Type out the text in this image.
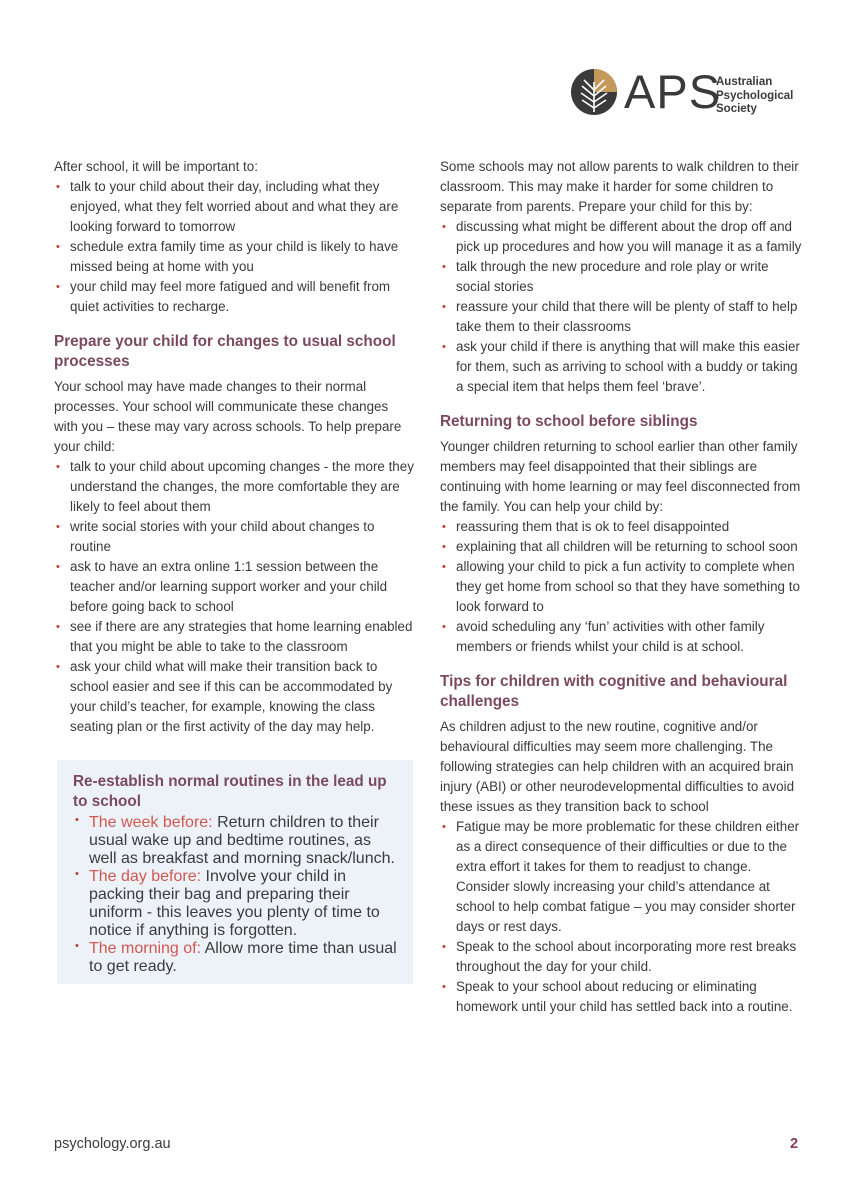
APS
Australian
Psychological
Society

After school, it will be important to:

• talk to your child about their day, including what they enjoyed, what they felt worried about and what they are looking forward to tomorrow
• schedule extra family time as your child is likely to have missed being at home with you
• your child may feel more fatigued and will benefit from quiet activities to recharge.
Prepare your child for changes to usual school processes

Your school may have made changes to their normal processes. Your school will communicate these changes with you – these may vary across schools. To help prepare your child:

• talk to your child about upcoming changes - the more they understand the changes, the more comfortable they are likely to feel about them
• write social stories with your child about changes to routine
• ask to have an extra online 1:1 session between the teacher and/or learning support worker and your child before going back to school
• see if there are any strategies that home learning enabled that you might be able to take to the classroom
• ask your child what will make their transition back to school easier and see if this can be accommodated by your child’s teacher, for example, knowing the class seating plan or the first activity of the day may help.
Re-establish normal routines in the lead up to school
• The week before: Return children to their usual wake up and bedtime routines, as well as breakfast and morning snack/lunch.
• The day before: Involve your child in packing their bag and preparing their uniform - this leaves you plenty of time to notice if anything is forgotten.
• The morning of: Allow more time than usual to get ready.

Some schools may not allow parents to walk children to their classroom. This may make it harder for some children to separate from parents. Prepare your child for this by:

• discussing what might be different about the drop off and pick up procedures and how you will manage it as a family
• talk through the new procedure and role play or write social stories
• reassure your child that there will be plenty of staff to help take them to their classrooms
• ask your child if there is anything that will make this easier for them, such as arriving to school with a buddy or taking a special item that helps them feel ‘brave’.
Returning to school before siblings

Younger children returning to school earlier than other family members may feel disappointed that their siblings are continuing with home learning or may feel disconnected from the family. You can help your child by:

• reassuring them that is ok to feel disappointed
• explaining that all children will be returning to school soon
• allowing your child to pick a fun activity to complete when they get home from school so that they have something to look forward to
• avoid scheduling any ‘fun’ activities with other family members or friends whilst your child is at school.
Tips for children with cognitive and behavioural challenges

As children adjust to the new routine, cognitive and/or behavioural difficulties may seem more challenging. The following strategies can help children with an acquired brain injury (ABI) or other neurodevelopmental difficulties to avoid these issues as they transition back to school

• Fatigue may be more problematic for these children either as a direct consequence of their difficulties or due to the extra effort it takes for them to readjust to change. Consider slowly increasing your child’s attendance at school to help combat fatigue – you may consider shorter days or rest days.
• Speak to the school about incorporating more rest breaks throughout the day for your child.
• Speak to your school about reducing or eliminating homework until your child has settled back into a routine.
psychology.org.au	2
